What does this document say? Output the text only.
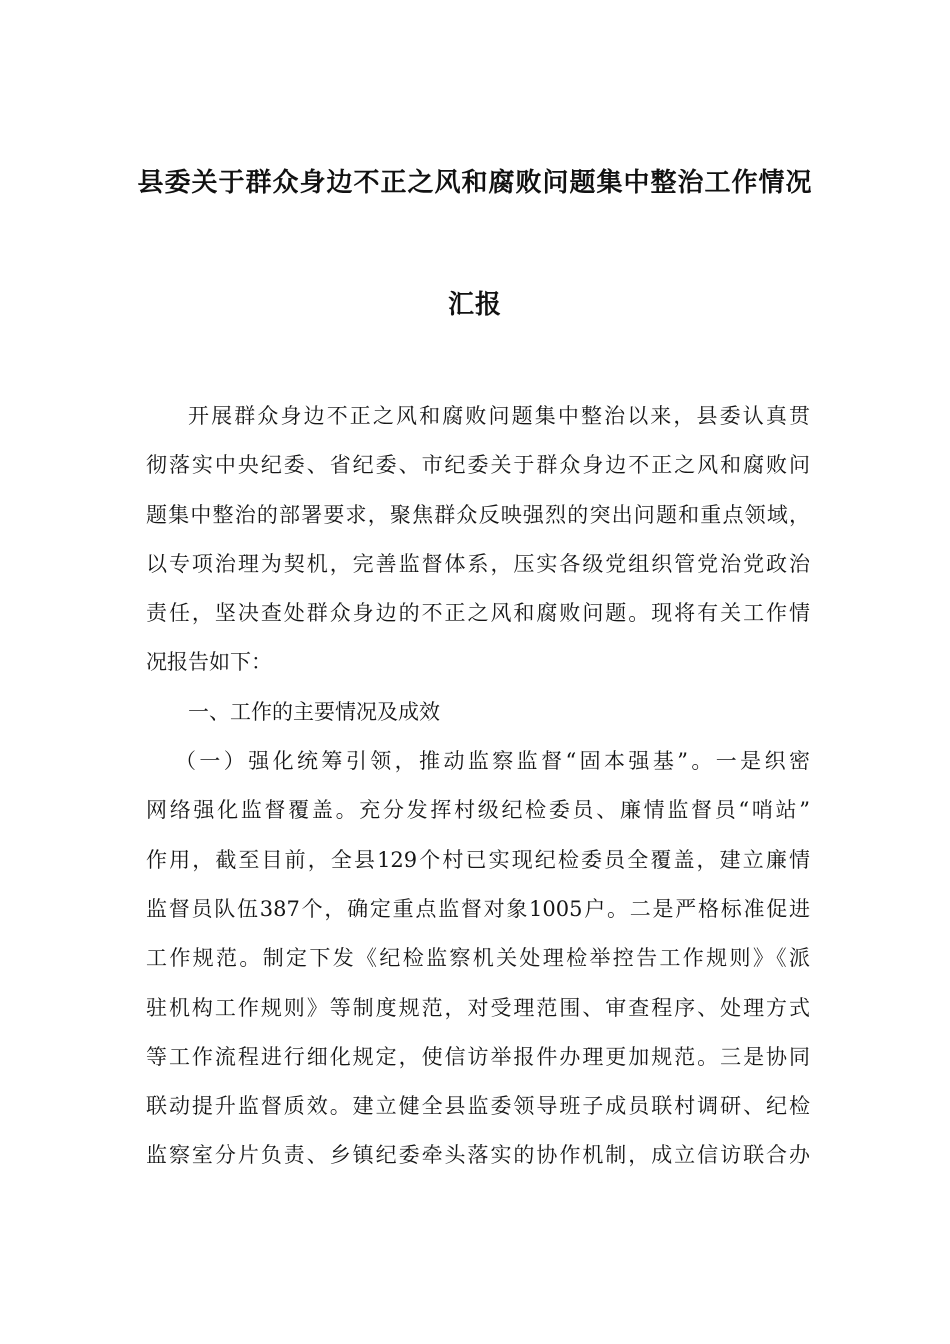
县委关于群众身边不正之风和腐败问题集中整治工作情况
汇报
开展群众身边不正之风和腐败问题集中整治以来，县委认真贯
彻落实中央纪委、省纪委、市纪委关于群众身边不正之风和腐败问
题集中整治的部署要求，聚焦群众反映强烈的突出问题和重点领域，
以专项治理为契机，完善监督体系，压实各级党组织管党治党政治
责任，坚决查处群众身边的不正之风和腐败问题。现将有关工作情
况报告如下：
一、工作的主要情况及成效
（一）强化统筹引领，推动监察监督“固本强基”。一是织密
网络强化监督覆盖。充分发挥村级纪检委员、廉情监督员“哨站”
作用，截至目前，全县129个村已实现纪检委员全覆盖，建立廉情
监督员队伍387个，确定重点监督对象1005户。二是严格标准促进
工作规范。制定下发《纪检监察机关处理检举控告工作规则》《派
驻机构工作规则》等制度规范，对受理范围、审查程序、处理方式
等工作流程进行细化规定，使信访举报件办理更加规范。三是协同
联动提升监督质效。建立健全县监委领导班子成员联村调研、纪检
监察室分片负责、乡镇纪委牵头落实的协作机制，成立信访联合办
